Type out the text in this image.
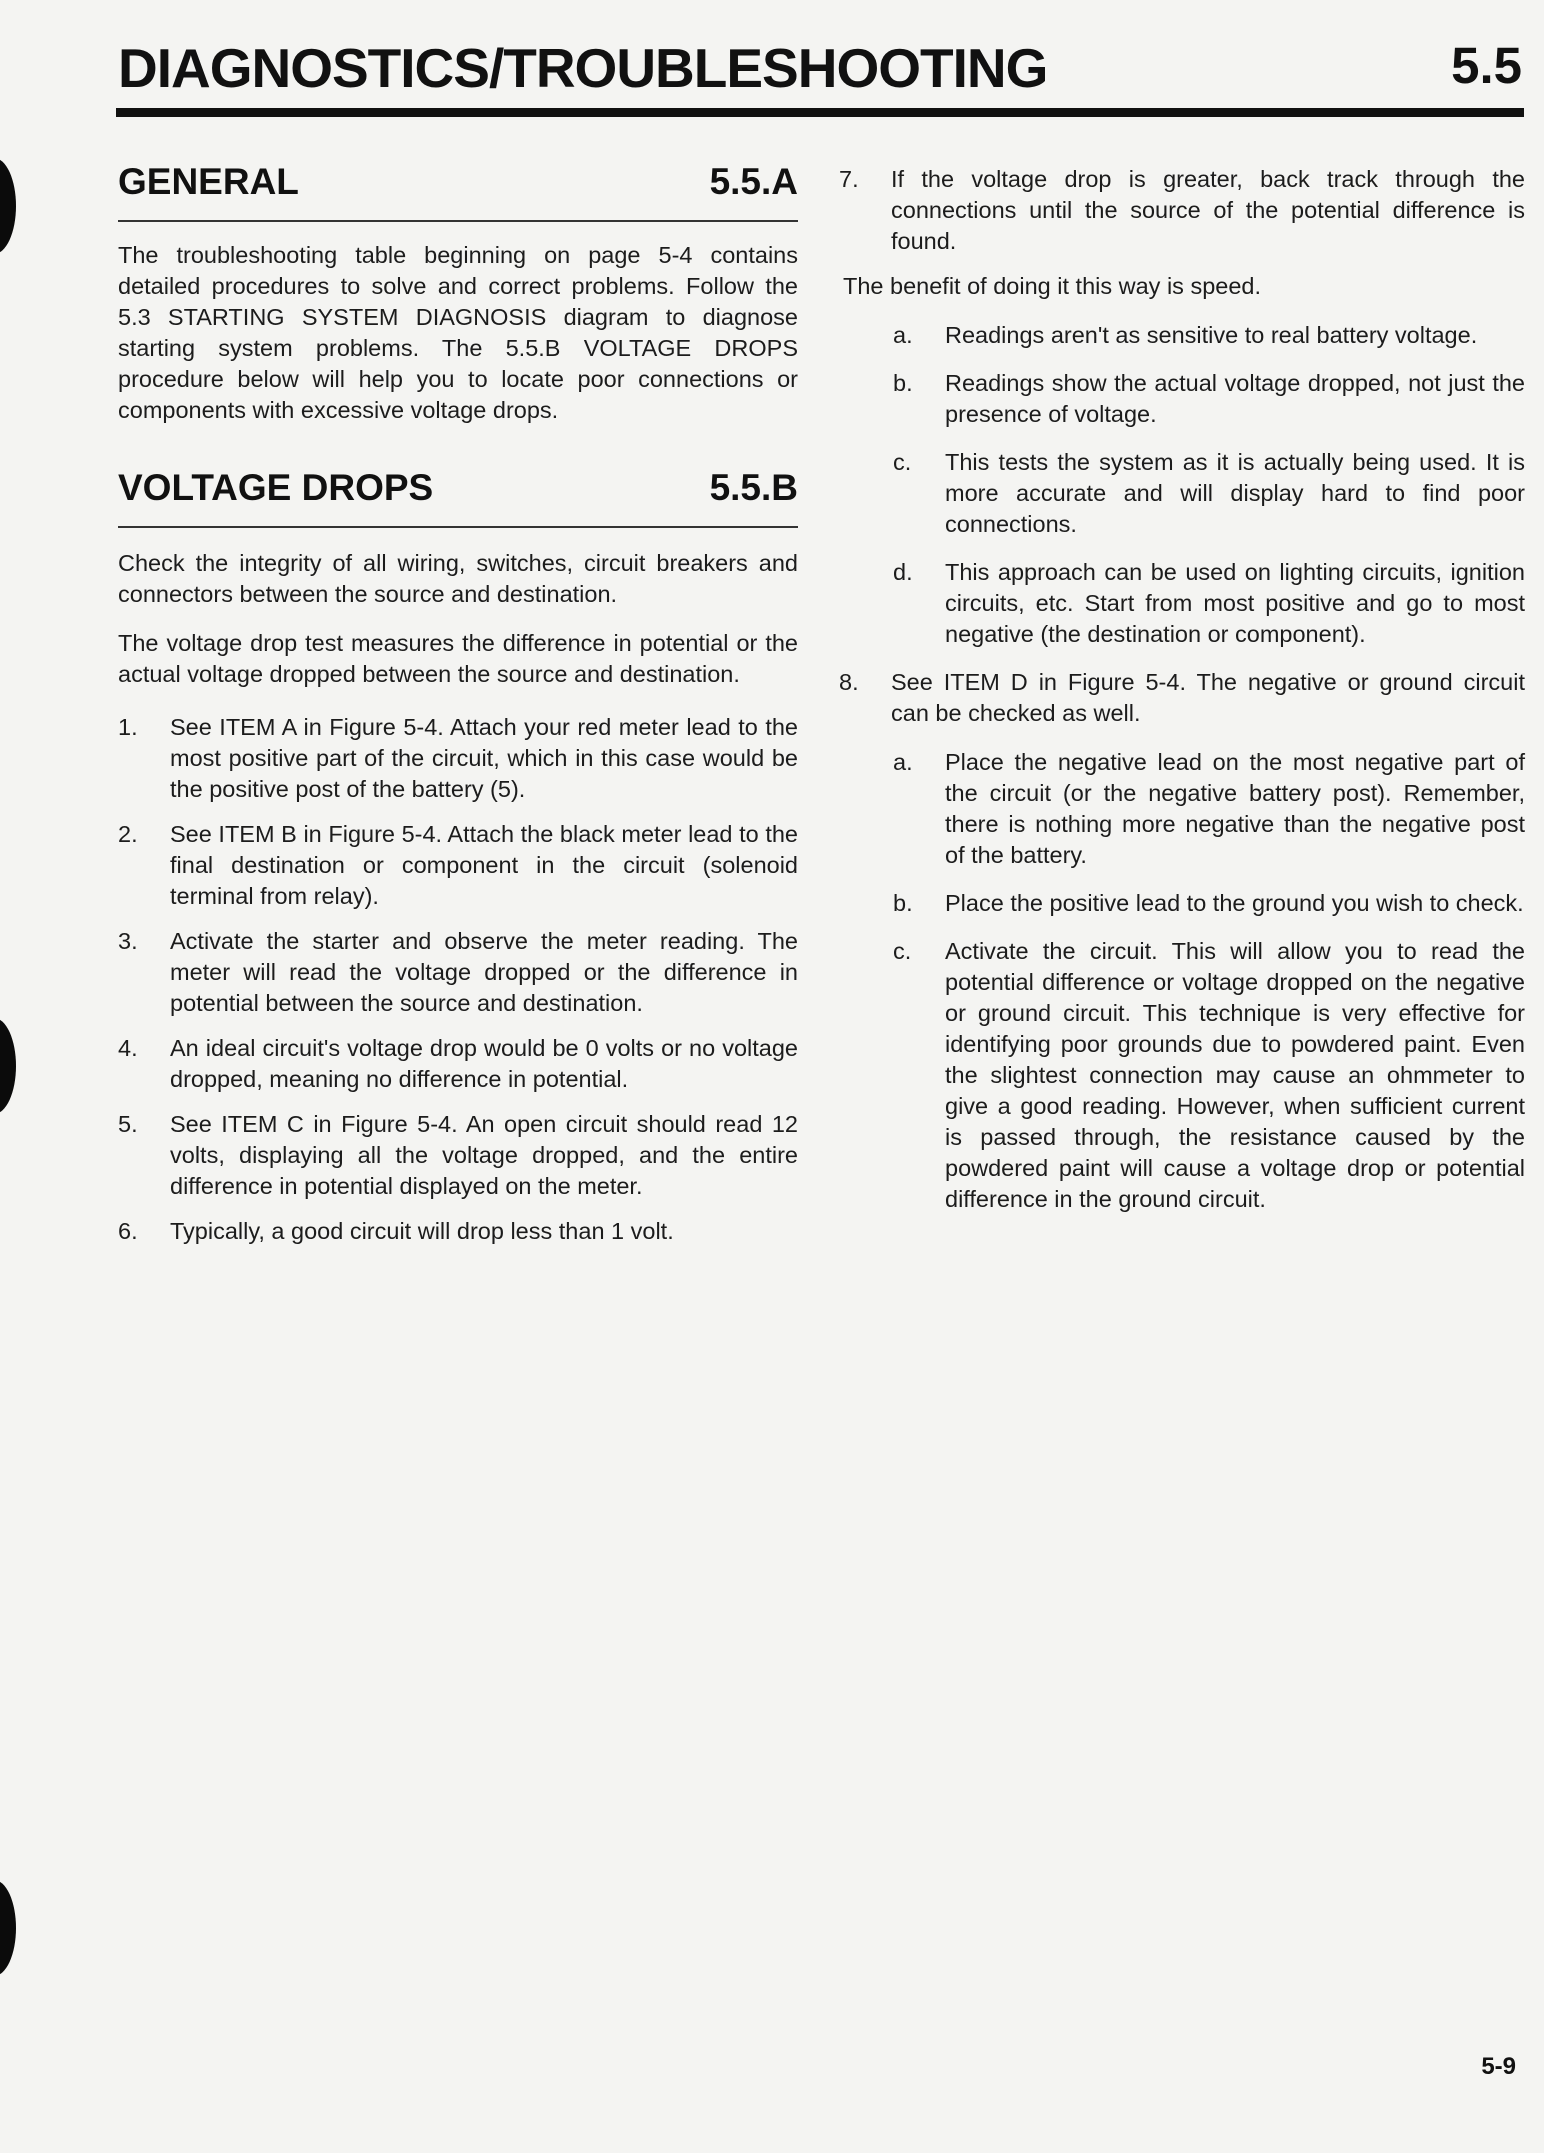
DIAGNOSTICS/TROUBLESHOOTING	5.5
GENERAL	5.5.A

The troubleshooting table beginning on page 5-4 contains detailed procedures to solve and correct problems. Follow the 5.3 STARTING SYSTEM DIAGNOSIS diagram to diagnose starting system problems. The 5.5.B VOLTAGE DROPS procedure below will help you to locate poor connections or components with excessive voltage drops.

VOLTAGE DROPS	5.5.B

Check the integrity of all wiring, switches, circuit breakers and connectors between the source and destination.

The voltage drop test measures the difference in potential or the actual voltage dropped between the source and destination.

1.	See ITEM A in Figure 5-4. Attach your red meter lead to the most positive part of the circuit, which in this case would be the positive post of the battery (5).
2.	See ITEM B in Figure 5-4. Attach the black meter lead to the final destination or component in the circuit (solenoid terminal from relay).
3.	Activate the starter and observe the meter reading. The meter will read the voltage dropped or the difference in potential between the source and destination.
4.	An ideal circuit's voltage drop would be 0 volts or no voltage dropped, meaning no difference in potential.
5.	See ITEM C in Figure 5-4. An open circuit should read 12 volts, displaying all the voltage dropped, and the entire difference in potential displayed on the meter.
6.	Typically, a good circuit will drop less than 1 volt.
7.	If the voltage drop is greater, back track through the connections until the source of the potential difference is found.

The benefit of doing it this way is speed.

a.	Readings aren't as sensitive to real battery voltage.
b.	Readings show the actual voltage dropped, not just the presence of voltage.
c.	This tests the system as it is actually being used. It is more accurate and will display hard to find poor connections.
d.	This approach can be used on lighting circuits, ignition circuits, etc. Start from most positive and go to most negative (the destination or component).
8.	See ITEM D in Figure 5-4. The negative or ground circuit can be checked as well.
a.	Place the negative lead on the most negative part of the circuit (or the negative battery post). Remember, there is nothing more negative than the negative post of the battery.
b.	Place the positive lead to the ground you wish to check.
c.	Activate the circuit. This will allow you to read the potential difference or voltage dropped on the negative or ground circuit. This technique is very effective for identifying poor grounds due to powdered paint. Even the slightest connection may cause an ohmmeter to give a good reading. However, when sufficient current is passed through, the resistance caused by the powdered paint will cause a voltage drop or potential difference in the ground circuit.
5-9
